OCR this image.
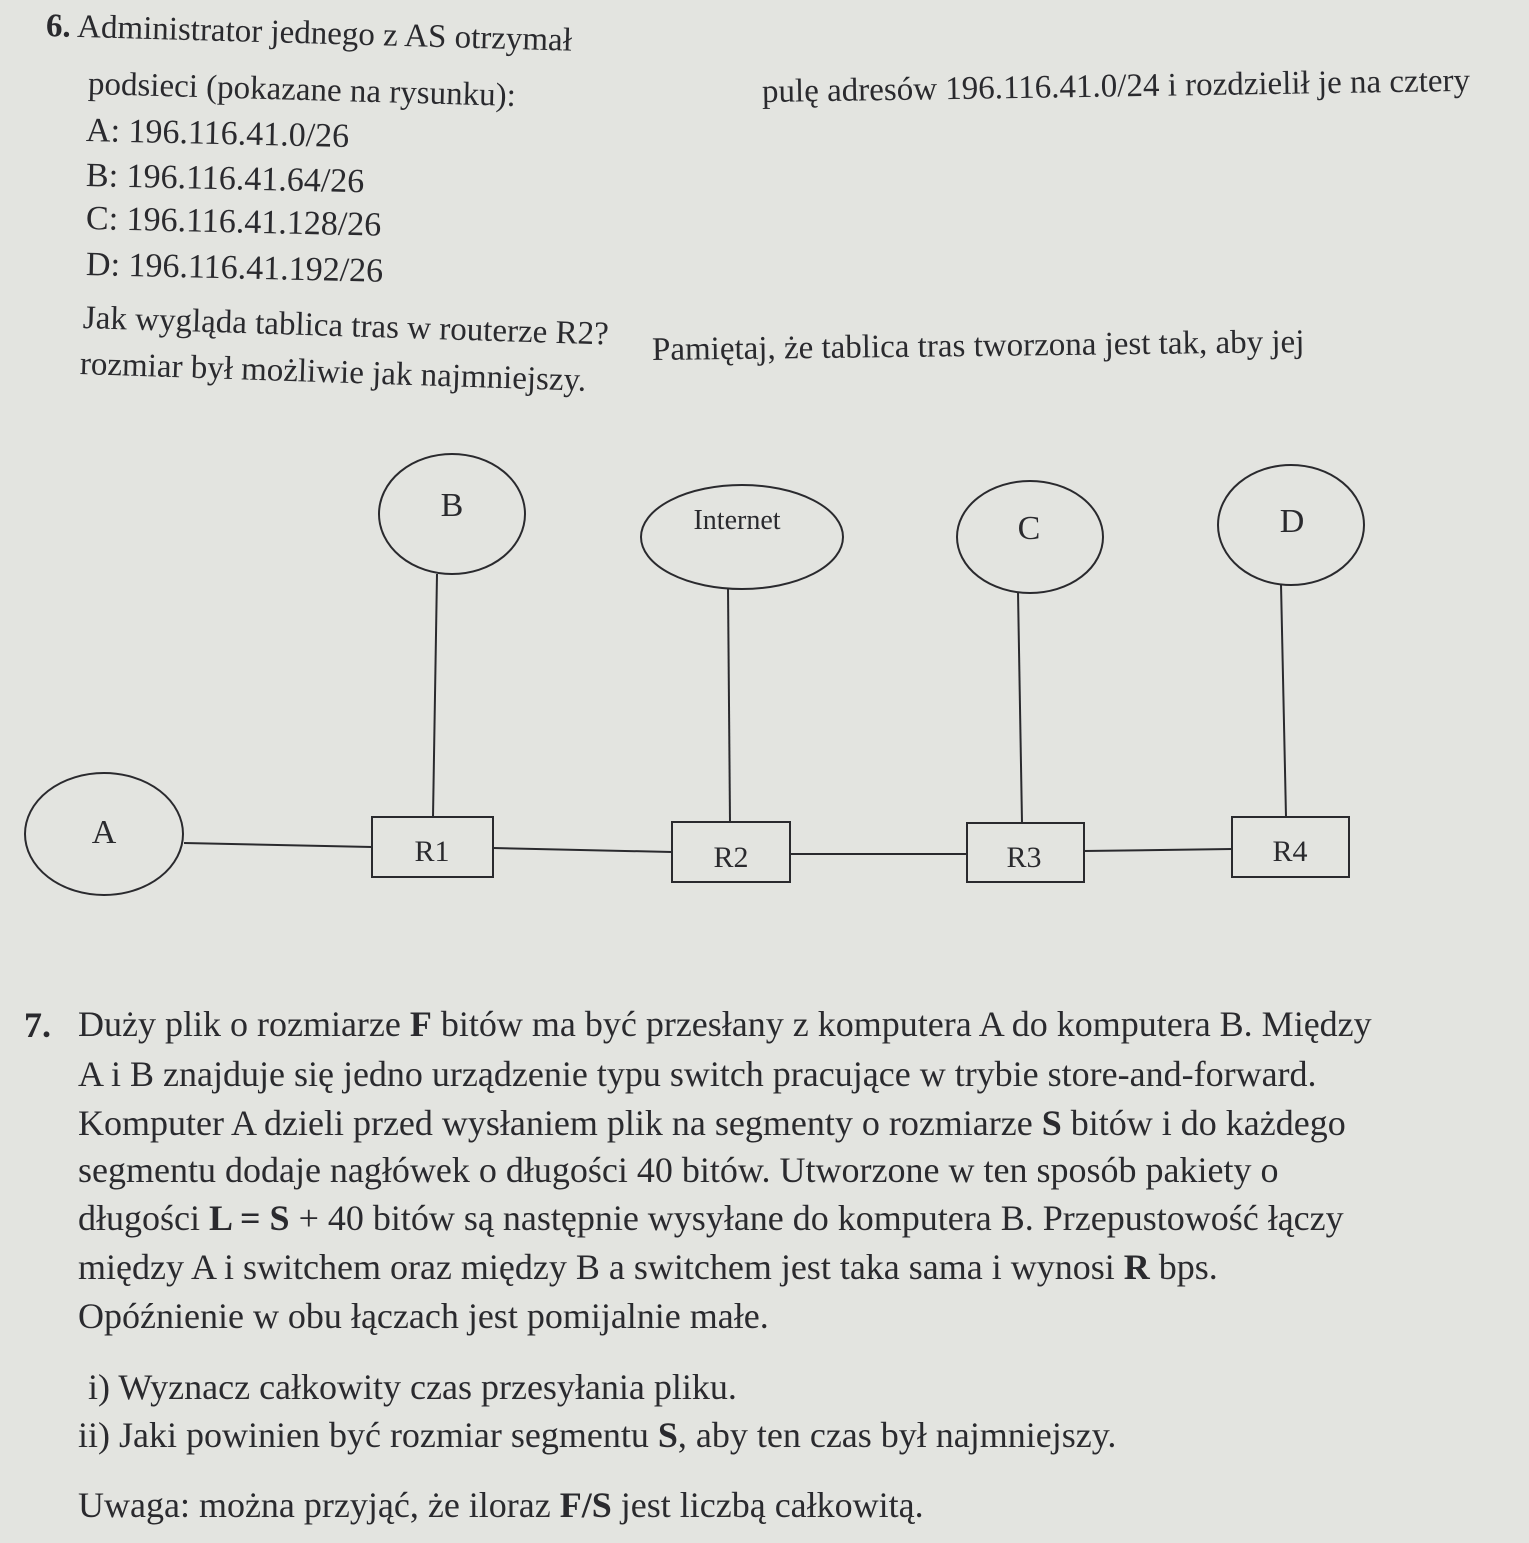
6. Administrator jednego z AS otrzymał
podsieci (pokazane na rysunku):	pulę adresów 196.116.41.0/24 i rozdzielił je na cztery
A: 196.116.41.0/26
B: 196.116.41.64/26
C: 196.116.41.128/26
D: 196.116.41.192/26
Jak wygląda tablica tras w routerze R2? Pamiętaj, że tablica tras tworzona jest tak, aby jej
rozmiar był możliwie jak najmniejszy.
A
B	Internet	C	D
R1	R2	R3	R4
7. Duży plik o rozmiarze F bitów ma być przesłany z komputera A do komputera B. Między
A i B znajduje się jedno urządzenie typu switch pracujące w trybie store-and-forward.
Komputer A dzieli przed wysłaniem plik na segmenty o rozmiarze S bitów i do każdego
segmentu dodaje nagłówek o długości 40 bitów. Utworzone w ten sposób pakiety o
długości L = S + 40 bitów są następnie wysyłane do komputera B. Przepustowość łączy
między A i switchem oraz między B a switchem jest taka sama i wynosi R bps.
Opóźnienie w obu łączach jest pomijalnie małe.
i) Wyznacz całkowity czas przesyłania pliku.
ii) Jaki powinien być rozmiar segmentu S, aby ten czas był najmniejszy.
Uwaga: można przyjąć, że iloraz F/S jest liczbą całkowitą.
